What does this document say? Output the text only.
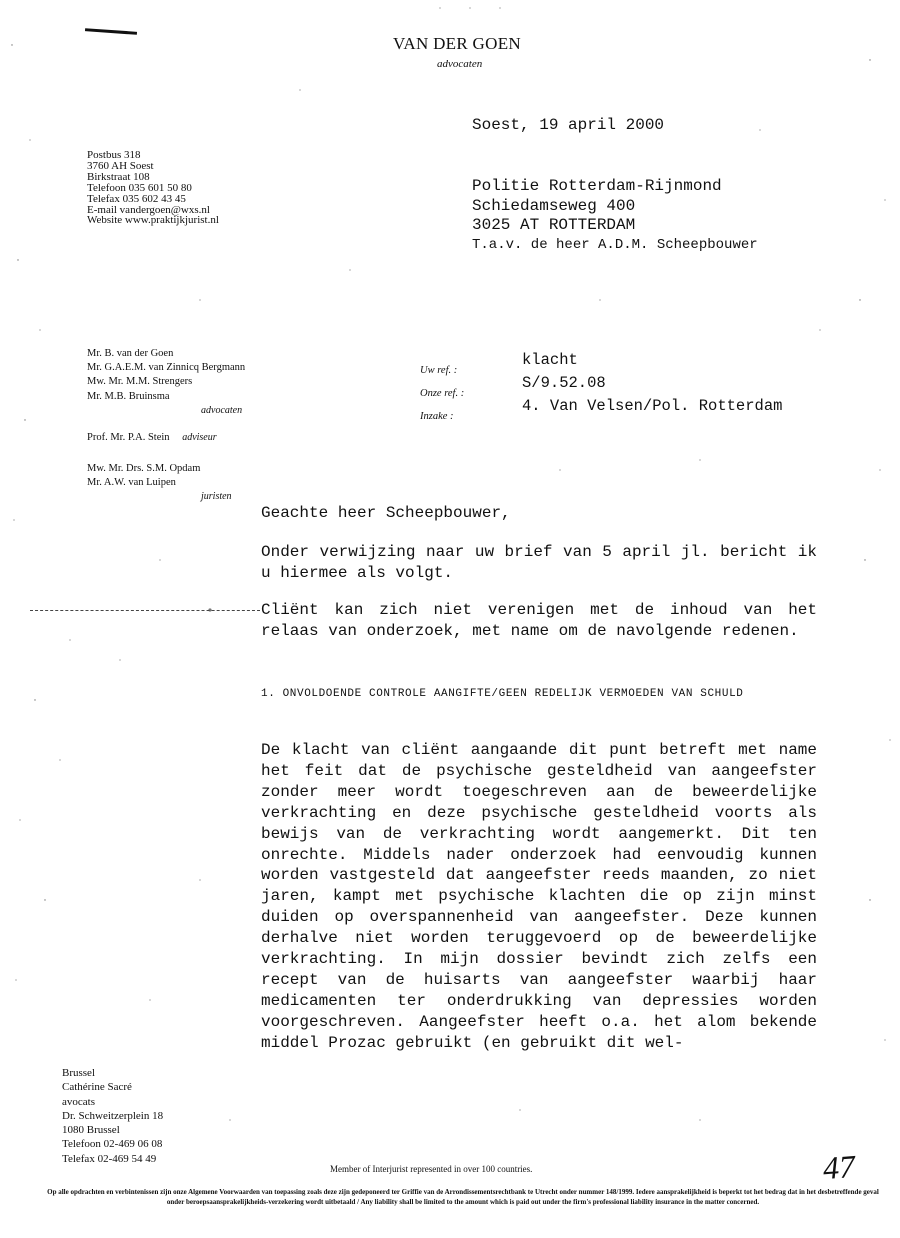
VAN DER GOEN
advocaten
Postbus 318
3760 AH Soest
Birkstraat 108
Telefoon 035 601 50 80
Telefax 035 602 43 45
E-mail vandergoen@wxs.nl
Website www.praktijkjurist.nl
Soest, 19 april 2000
Politie Rotterdam-Rijnmond
Schiedamseweg 400
3025 AT ROTTERDAM
T.a.v. de heer A.D.M. Scheepbouwer
Mr. B. van der Goen
Mr. G.A.E.M. van Zinnicq Bergmann
Mw. Mr. M.M. Strengers
Mr. M.B. Bruinsma
advocaten
Prof. Mr. P.A. Stein adviseur
Mw. Mr. Drs. S.M. Opdam
Mr. A.W. van Luipen
juristen
Uw ref. :
Onze ref. :
Inzake :
klacht
S/9.52.08
4. Van Velsen/Pol. Rotterdam
Geachte heer Scheepbouwer,
Onder verwijzing naar uw brief van 5 april jl. bericht ik u hiermee als volgt.
Cliënt kan zich niet verenigen met de inhoud van het relaas van onderzoek, met name om de navolgende redenen.
1. ONVOLDOENDE CONTROLE AANGIFTE/GEEN REDELIJK VERMOEDEN VAN SCHULD
De klacht van cliënt aangaande dit punt betreft met name het feit dat de psychische gesteldheid van aangeefster zonder meer wordt toegeschreven aan de beweerdelijke verkrachting en deze psychische gesteldheid voorts als bewijs van de verkrachting wordt aangemerkt. Dit ten onrechte. Middels nader onderzoek had eenvoudig kunnen worden vastgesteld dat aangeefster reeds maanden, zo niet jaren, kampt met psychische klachten die op zijn minst duiden op overspannenheid van aangeefster. Deze kunnen derhalve niet worden teruggevoerd op de beweerdelijke verkrachting. In mijn dossier bevindt zich zelfs een recept van de huisarts van aangeefster waarbij haar medicamenten ter onderdrukking van depressies worden voorgeschreven. Aangeefster heeft o.a. het alom bekende middel Prozac gebruikt (en gebruikt dit wel-
Brussel
Cathérine Sacré
avocats
Dr. Schweitzerplein 18
1080 Brussel
Telefoon 02-469 06 08
Telefax 02-469 54 49
Member of Interjurist represented in over 100 countries.
Op alle opdrachten en verbintenissen zijn onze Algemene Voorwaarden van toepassing zoals deze zijn gedeponeerd ter Griffie van de Arrondissementsrechtbank te Utrecht onder nummer 148/1999. Iedere aansprakelijkheid is beperkt tot het bedrag dat in het desbetreffende geval onder beroepsaansprakelijkheids-verzekering wordt uitbetaald / Any liability shall be limited to the amount which is paid out under the firm's professional liability insurance in the matter concerned.
47
